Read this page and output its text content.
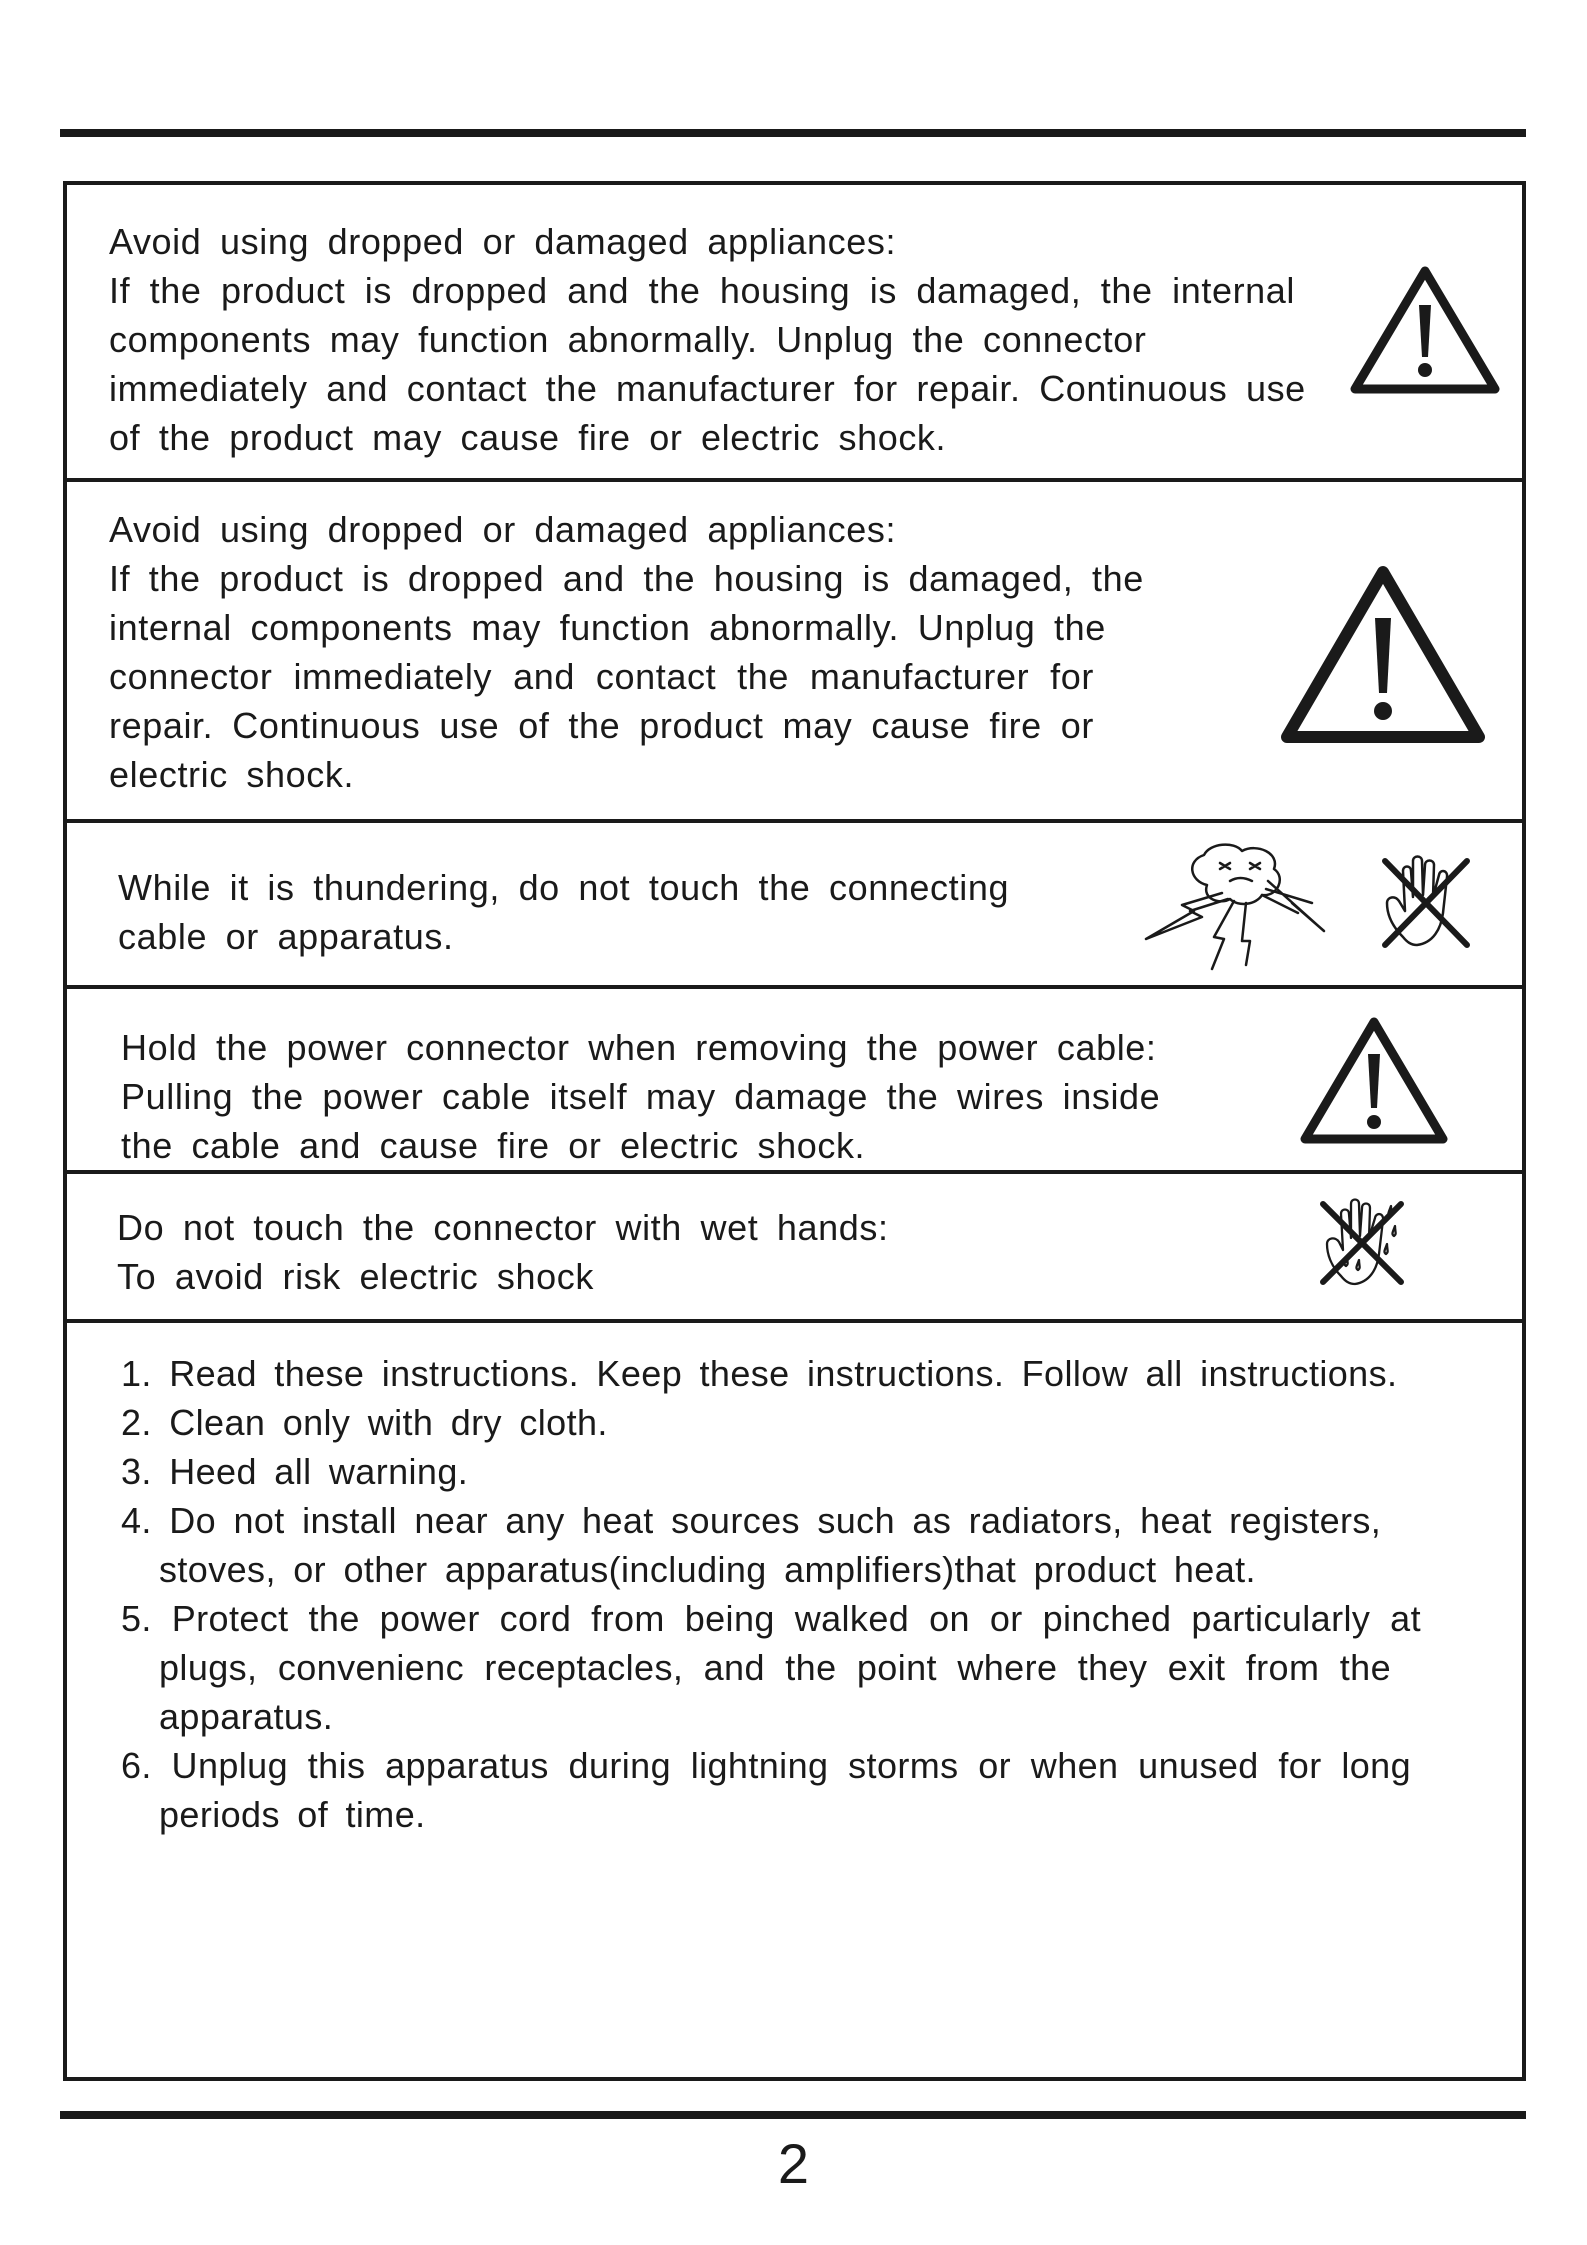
Avoid using dropped or damaged appliances:
If the product is dropped and the housing is damaged, the internal
components may function abnormally. Unplug the connector
immediately and contact the manufacturer for repair. Continuous use
of the product may cause fire or electric shock.
Avoid using dropped or damaged appliances:
If the product is dropped and the housing is damaged, the
internal components may function abnormally. Unplug the
connector immediately and contact the manufacturer for
repair. Continuous use of the product may cause fire or
electric shock.
While it is thundering, do not touch the connecting
cable or apparatus.
Hold the power connector when removing the power cable:
Pulling the power cable itself may damage the wires inside
the cable and cause fire or electric shock.
Do not touch the connector with wet hands:
To avoid risk electric shock
1. Read these instructions. Keep these instructions. Follow all instructions.
2. Clean only with dry cloth.
3. Heed all warning.
4. Do not install near any heat sources such as radiators, heat registers,
stoves, or other apparatus(including amplifiers)that product heat.
5. Protect the power cord from being walked on or pinched particularly at
plugs, convenienc receptacles, and the point where they exit from the
apparatus.
6. Unplug this apparatus during lightning storms or when unused for long
periods of time.
2
